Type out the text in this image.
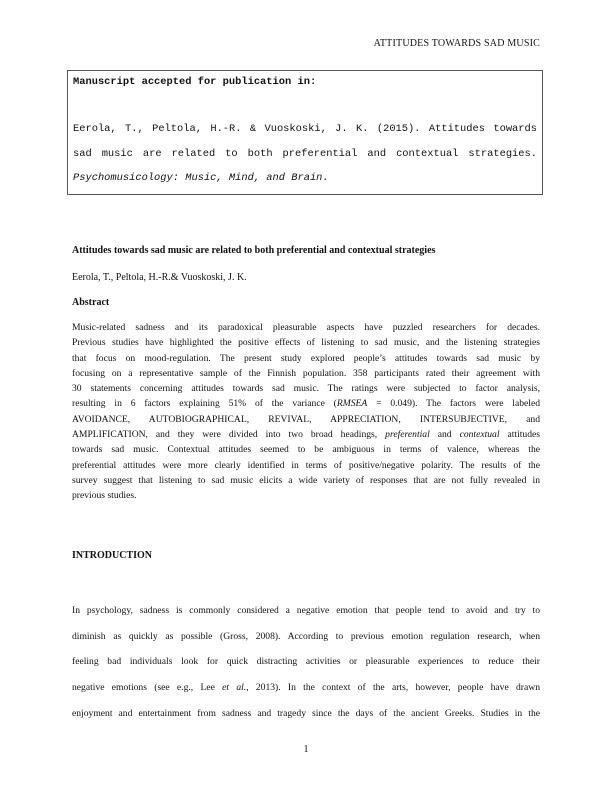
ATTITUDES TOWARDS SAD MUSIC
Manuscript accepted for publication in:
Eerola, T., Peltola, H.-R. & Vuoskoski, J. K. (2015). Attitudes towards
sad music are related to both preferential and contextual strategies.
Psychomusicology: Music, Mind, and Brain.
Attitudes towards sad music are related to both preferential and contextual strategies
Eerola, T., Peltola, H.-R.& Vuoskoski, J. K.
Abstract
Music-related sadness and its paradoxical pleasurable aspects have puzzled researchers for decades.
Previous studies have highlighted the positive effects of listening to sad music, and the listening strategies
that focus on mood-regulation. The present study explored people’s attitudes towards sad music by
focusing on a representative sample of the Finnish population. 358 participants rated their agreement with
30 statements concerning attitudes towards sad music. The ratings were subjected to factor analysis,
resulting in 6 factors explaining 51% of the variance (RMSEA = 0.049). The factors were labeled
AVOIDANCE, AUTOBIOGRAPHICAL, REVIVAL, APPRECIATION, INTERSUBJECTIVE, and
AMPLIFICATION, and they were divided into two broad headings, preferential and contextual attitudes
towards sad music. Contextual attitudes seemed to be ambiguous in terms of valence, whereas the
preferential attitudes were more clearly identified in terms of positive/negative polarity. The results of the
survey suggest that listening to sad music elicits a wide variety of responses that are not fully revealed in
previous studies.
INTRODUCTION
In psychology, sadness is commonly considered a negative emotion that people tend to avoid and try to
diminish as quickly as possible (Gross, 2008). According to previous emotion regulation research, when
feeling bad individuals look for quick distracting activities or pleasurable experiences to reduce their
negative emotions (see e.g., Lee et al., 2013). In the context of the arts, however, people have drawn
enjoyment and entertainment from sadness and tragedy since the days of the ancient Greeks. Studies in the
1
